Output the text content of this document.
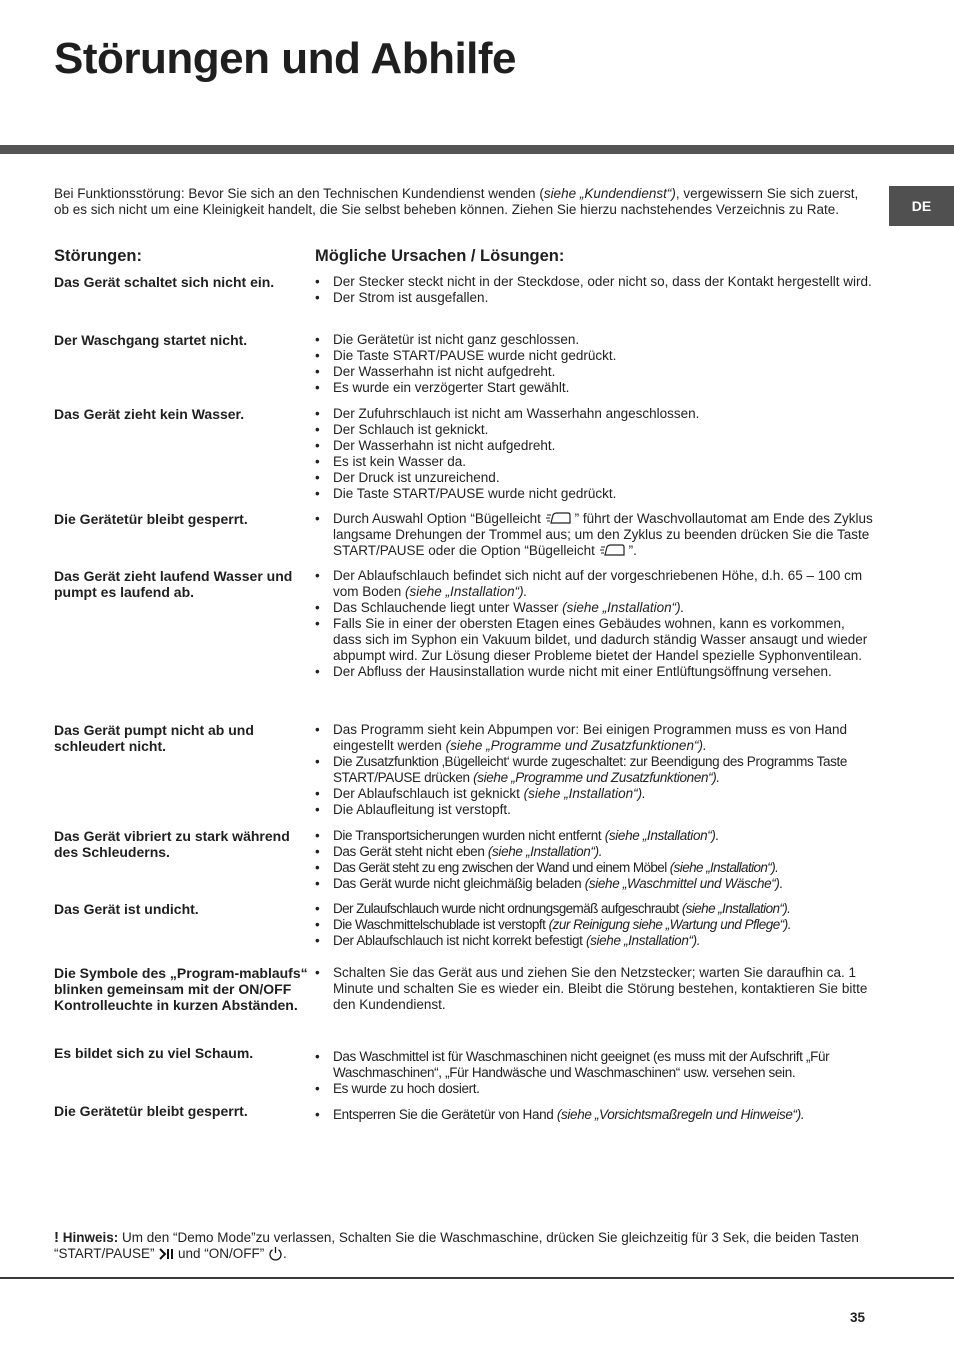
Störungen und Abhilfe
DE
Bei Funktionsstörung: Bevor Sie sich an den Technischen Kundendienst wenden (siehe „Kundendienst“), vergewissern Sie sich zuerst, ob es sich nicht um eine Kleinigkeit handelt, die Sie selbst beheben können. Ziehen Sie hierzu nachstehendes Verzeichnis zu Rate.
Störungen:	Mögliche Ursachen / Lösungen:
Das Gerät schaltet sich nicht ein.	• Der Stecker steckt nicht in der Steckdose, oder nicht so, dass der Kontakt hergestellt wird.
• Der Strom ist ausgefallen.
Der Waschgang startet nicht.	• Die Gerätetür ist nicht ganz geschlossen.
• Die Taste START/PAUSE wurde nicht gedrückt.
• Der Wasserhahn ist nicht aufgedreht.
• Es wurde ein verzögerter Start gewählt.
Das Gerät zieht kein Wasser.	• Der Zufuhrschlauch ist nicht am Wasserhahn angeschlossen.
• Der Schlauch ist geknickt.
• Der Wasserhahn ist nicht aufgedreht.
• Es ist kein Wasser da.
• Der Druck ist unzureichend.
• Die Taste START/PAUSE wurde nicht gedrückt.
Die Gerätetür bleibt gesperrt.	• Durch Auswahl Option “Bügelleicht ” führt der Waschvollautomat am Ende des Zyklus langsame Drehungen der Trommel aus; um den Zyklus zu beenden drücken Sie die Taste START/PAUSE oder die Option “Bügelleicht ”.
Das Gerät zieht laufend Wasser und pumpt es laufend ab.
• Der Ablaufschlauch befindet sich nicht auf der vorgeschriebenen Höhe, d.h. 65 – 100 cm vom Boden (siehe „Installation“).
• Das Schlauchende liegt unter Wasser (siehe „Installation“).
• Falls Sie in einer der obersten Etagen eines Gebäudes wohnen, kann es vorkommen, dass sich im Syphon ein Vakuum bildet, und dadurch ständig Wasser ansaugt und wieder abpumpt wird. Zur Lösung dieser Probleme bietet der Handel spezielle Syphonventilean.
• Der Abfluss der Hausinstallation wurde nicht mit einer Entlüftungsöffnung versehen.
Das Gerät pumpt nicht ab und schleudert nicht.
• Das Programm sieht kein Abpumpen vor: Bei einigen Programmen muss es von Hand eingestellt werden (siehe „Programme und Zusatzfunktionen“).
• Die Zusatzfunktion ‚Bügelleicht‘ wurde zugeschaltet: zur Beendigung des Programms Taste START/PAUSE drücken (siehe „Programme und Zusatzfunktionen“).
• Der Ablaufschlauch ist geknickt (siehe „Installation“).
• Die Ablaufleitung ist verstopft.
Das Gerät vibriert zu stark während des Schleuderns.
• Die Transportsicherungen wurden nicht entfernt (siehe „Installation“).
• Das Gerät steht nicht eben (siehe „Installation“).
• Das Gerät steht zu eng zwischen der Wand und einem Möbel (siehe „Installation“).
• Das Gerät wurde nicht gleichmäßig beladen (siehe „Waschmittel und Wäsche“).
Das Gerät ist undicht.	• Der Zulaufschlauch wurde nicht ordnungsgemäß aufgeschraubt (siehe „Installation“).
• Die Waschmittelschublade ist verstopft (zur Reinigung siehe „Wartung und Pflege“).
• Der Ablaufschlauch ist nicht korrekt befestigt (siehe „Installation“).
Die Symbole des „Program-mablaufs“ blinken gemeinsam mit der ON/OFF Kontrolleuchte in kurzen Abständen.
• Schalten Sie das Gerät aus und ziehen Sie den Netzstecker; warten Sie daraufhin ca. 1 Minute und schalten Sie es wieder ein. Bleibt die Störung bestehen, kontaktieren Sie bitte den Kundendienst.
Es bildet sich zu viel Schaum.	• Das Waschmittel ist für Waschmaschinen nicht geeignet (es muss mit der Aufschrift „Für Waschmaschinen“, „Für Handwäsche und Waschmaschinen“ usw. versehen sein.
• Es wurde zu hoch dosiert.
Die Gerätetür bleibt gesperrt.	• Entsperren Sie die Gerätetür von Hand (siehe „Vorsichtsmaßregeln und Hinweise“).
! Hinweis: Um den “Demo Mode”zu verlassen, Schalten Sie die Waschmaschine, drücken Sie gleichzeitig für 3 Sek, die beiden Tasten “START/PAUSE”  und “ON/OFF” .
35
